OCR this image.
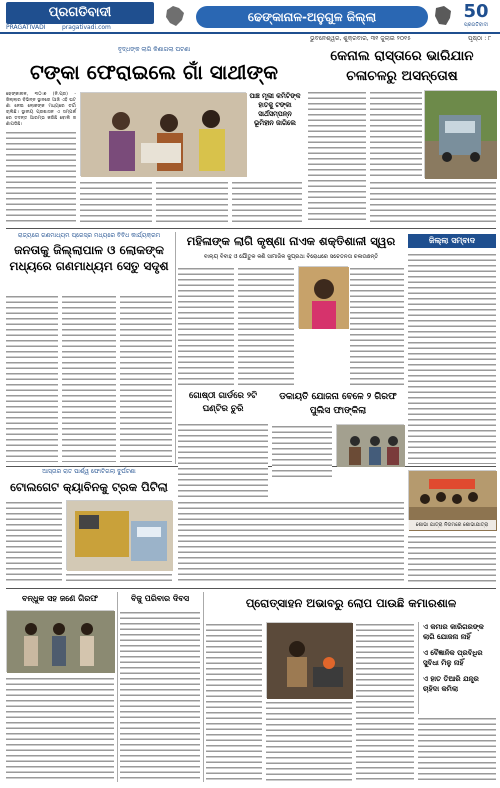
ପ୍ରଗତିବାଦୀ
PRAGATIVADI	pragativadi.com
ଢେଙ୍କାନାଳ-ଅନୁଗୁଳ ଜିଲ୍ଲା	50
ପ୍ରଗତିବାଦୀ
ଭୁବନେଶ୍ୱର, ଶୁକ୍ରବାର, ୩୧ ଜୁଲାଇ ୨୦୧୫	ପୃଷ୍ଠା : ୮
ବୃଦ୍ଧଙ୍କ ଲାଗି କିଣାଗଲା ଘଟଣା
ଟଙ୍କା ଫେରାଇଲେ ଗାଁ ସାଥୀଙ୍କ
ଢେଙ୍କାନାଳ, ୩୦।୭ (ନି.ପ୍ର) - ଜିଲ୍ଲାର ବିଭିନ୍ନ ସ୍ଥାନରେ ଆଜି ଏହି ଘଟଣା ନେଇ ଲୋକଙ୍କ ମଧ୍ୟରେ ଚର୍ଚ୍ଚା ଚାଲିଛି। ସ୍ଥାନୀୟ ପ୍ରଶାସନ ଏ ସମ୍ପର୍କରେ ତଦନ୍ତ ଆରମ୍ଭ କରିଛି ବୋଲି ଜଣାପଡିଛି।
ପାଞ୍ଚ ମୂଲୀ କମିଟିଙ୍କ ହାତକୁ ଟଙ୍କା ସାର୍ଥସମ୍ପନ୍ନ ଭୂମିହୀନ ଜାଗିଲେ
କେନାଲ ରାସ୍ତାରେ ଭାରିଯାନ ଚଳାଚଳରୁ ଅସନ୍ତୋଷ
ରାଜ୍ୟରେ ଗଣମାଧ୍ୟମ ପ୍ରେସ୍‌ର ମଧ୍ୟରେ ବିବିଧ କାର୍ଯ୍ୟକ୍ରମ
ଜନତାକୁ ଜିଲ୍ଲାପାଳ ଓ ଲୋକଙ୍କ ମଧ୍ୟରେ ଗଣମାଧ୍ୟମ ସେତୁ ସଦୃଶ
ମହିଳାଙ୍କ ଲାଗି କୃଷ୍ଣା ନାଏକ ଶକ୍ତିଶାଳୀ ସ୍ୱର
ବାଲ୍ୟ ବିବାହ ଓ ଯୌତୁକ କଣି ସାମାଜିକ କୁପ୍ରଥା ବିରୋଧରେ ସଚେତନତା ଚଳାଉଛନ୍ତି
ଜିଲ୍ଲା ସମ୍ବାଦ
ଆସ୍ତାର ରାତ ପାର୍ଶ୍ୱ ଫୋଟିଗଲା ଦୁର୍ଘଟଣା
ଟୋଲଗେଟ କ୍ୟାବିନକୁ ଟ୍ରକ ପିଟିଲା
ଗୋଷ୍ଠୀ ଗାର୍ଡରେ ୨ଟି ଘଣ୍ଟିର ଚୁରି
ଡକାୟତି ଯୋଜନା ବେଳେ ୨ ଗିରଫ ପୁଲିସ ଫାଙ୍କିଲା
ଶୋଭା ଯାତ୍ରା ନିଗମରେ ଶୋଭାଯାତ୍ରା
ବନ୍ଧୁକ ସହ ଜଣେ ଗିରଫ	ବିଜୁ ପରିବାର ଦିବସ	ପ୍ରୋତ୍ସାହନ ଅଭାବରୁ ଲୋପ ପାଉଛି କମାରଶାଳ
ଏ କମାର କାରିଗରଙ୍କ ଲାଗି ଯୋଜନା ନାହିଁ
ଏ ବୈଜ୍ଞାନିକ ପ୍ରବିଧିର ସୁବିଧା ମିଳୁ ନାହିଁ
ଏ ହାତ ତିଆରି ଯନ୍ତ୍ର ଚାହିଦା କମିଲା
